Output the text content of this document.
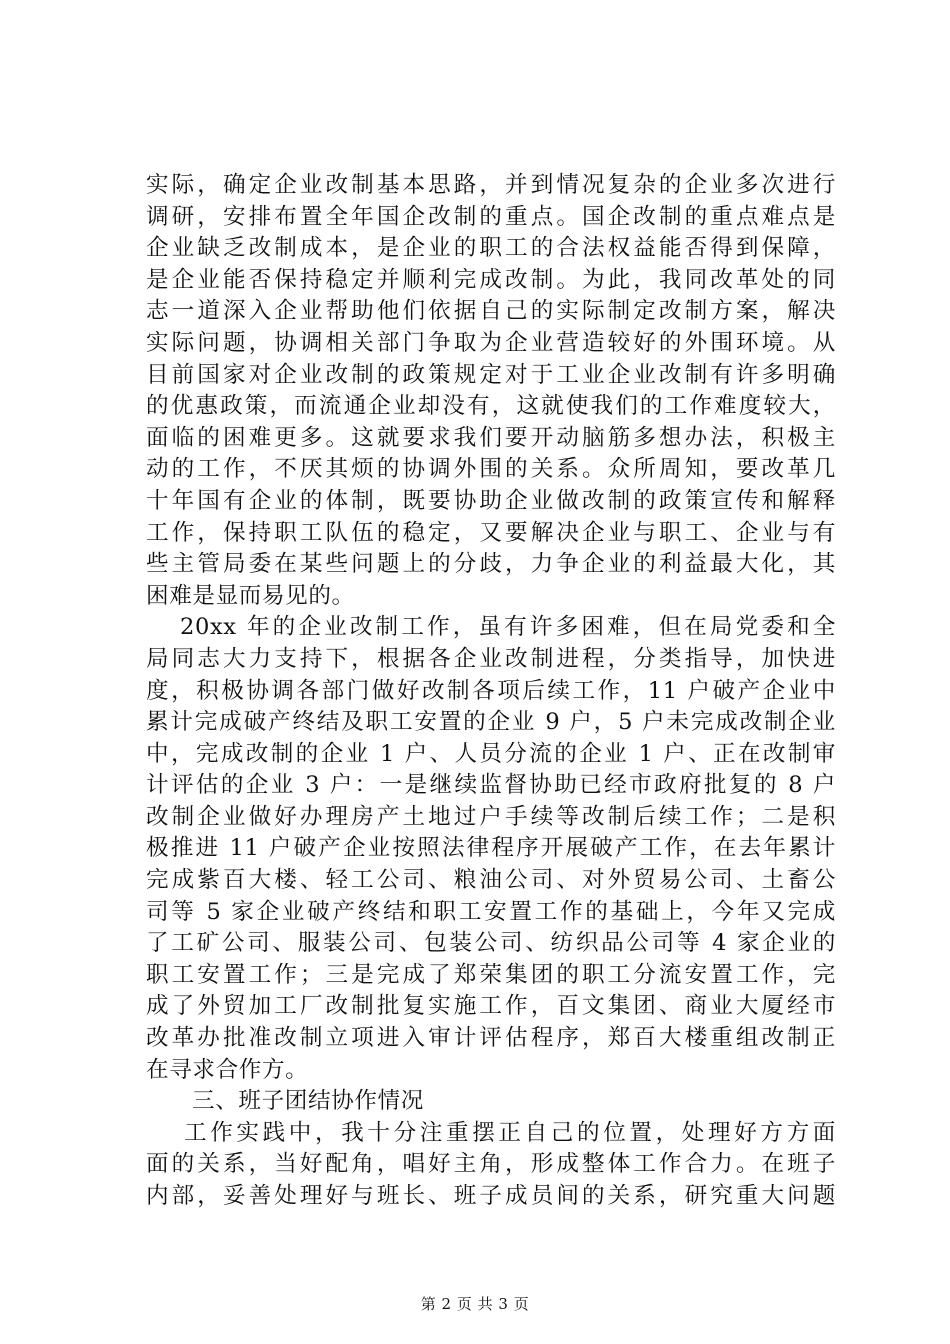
实际，确定企业改制基本思路，并到情况复杂的企业多次进行
调研，安排布置全年国企改制的重点。国企改制的重点难点是
企业缺乏改制成本，是企业的职工的合法权益能否得到保障，
是企业能否保持稳定并顺利完成改制。为此，我同改革处的同
志一道深入企业帮助他们依据自己的实际制定改制方案，解决
实际问题，协调相关部门争取为企业营造较好的外围环境。从
目前国家对企业改制的政策规定对于工业企业改制有许多明确
的优惠政策，而流通企业却没有，这就使我们的工作难度较大，
面临的困难更多。这就要求我们要开动脑筋多想办法，积极主
动的工作，不厌其烦的协调外围的关系。众所周知，要改革几
十年国有企业的体制，既要协助企业做改制的政策宣传和解释
工作，保持职工队伍的稳定，又要解决企业与职工、企业与有
些主管局委在某些问题上的分歧，力争企业的利益最大化，其
困难是显而易见的。
20xx 年的企业改制工作，虽有许多困难，但在局党委和全
局同志大力支持下，根据各企业改制进程，分类指导，加快进
度，积极协调各部门做好改制各项后续工作，11 户破产企业中
累计完成破产终结及职工安置的企业 9 户，5 户未完成改制企业
中，完成改制的企业 1 户、人员分流的企业 1 户、正在改制审
计评估的企业 3 户：一是继续监督协助已经市政府批复的 8 户
改制企业做好办理房产土地过户手续等改制后续工作；二是积
极推进 11 户破产企业按照法律程序开展破产工作，在去年累计
完成紫百大楼、轻工公司、粮油公司、对外贸易公司、土畜公
司等 5 家企业破产终结和职工安置工作的基础上，今年又完成
了工矿公司、服装公司、包装公司、纺织品公司等 4 家企业的
职工安置工作；三是完成了郑荣集团的职工分流安置工作，完
成了外贸加工厂改制批复实施工作，百文集团、商业大厦经市
改革办批准改制立项进入审计评估程序，郑百大楼重组改制正
在寻求合作方。
三、班子团结协作情况
工作实践中，我十分注重摆正自己的位置，处理好方方面
面的关系，当好配角，唱好主角，形成整体工作合力。在班子
内部，妥善处理好与班长、班子成员间的关系，研究重大问题
第 2 页 共 3 页
